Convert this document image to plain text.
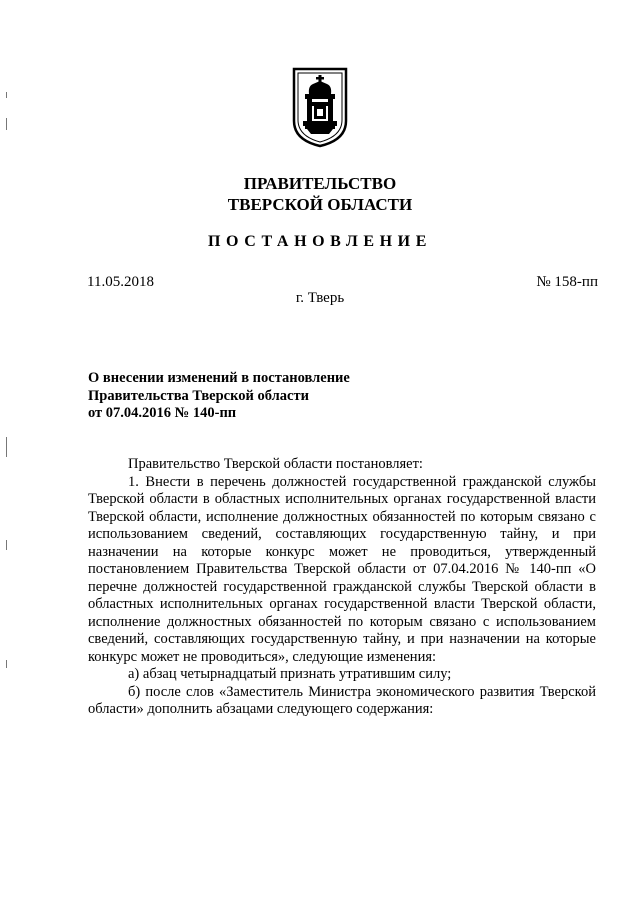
ПРАВИТЕЛЬСТВО
ТВЕРСКОЙ ОБЛАСТИ
ПОСТАНОВЛЕНИЕ
11.05.2018	№ 158-пп
г. Тверь
О внесении изменений в постановление
Правительства Тверской области
от 07.04.2016 № 140-пп

Правительство Тверской области постановляет:

1. Внести в перечень должностей государственной гражданской службы Тверской области в областных исполнительных органах государственной власти Тверской области, исполнение должностных обязанностей по которым связано с использованием сведений, составляющих государственную тайну, и при назначении на которые конкурс может не проводиться, утвержденный постановлением Правительства Тверской области от 07.04.2016 № 140-пп «О перечне должностей государственной гражданской службы Тверской области в областных исполнительных органах государственной власти Тверской области, исполнение должностных обязанностей по которым связано с использованием сведений, составляющих государственную тайну, и при назначении на которые конкурс может не проводиться», следующие изменения:

а) абзац четырнадцатый признать утратившим силу;

б) после слов «Заместитель Министра экономического развития Тверской области» дополнить абзацами следующего содержания:
